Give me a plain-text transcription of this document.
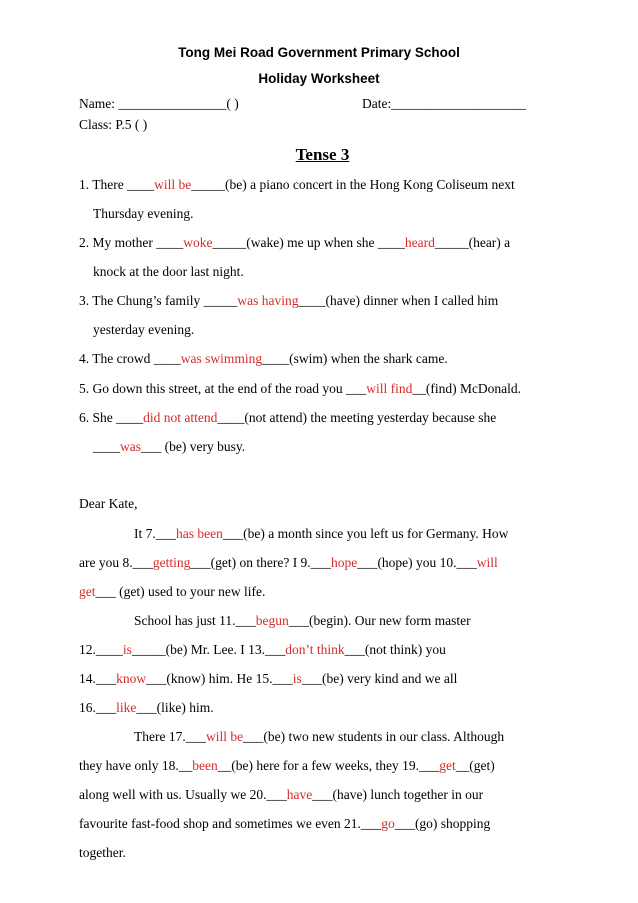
Tong Mei Road Government Primary School
Holiday Worksheet
Name: ________________( )	Date:____________________
Class: P.5 ( )
Tense 3
1. There ____will be_____(be) a piano concert in the Hong Kong Coliseum next
Thursday evening.
2. My mother ____woke_____(wake) me up when she ____heard_____(hear) a
knock at the door last night.
3. The Chung’s family _____was having____(have) dinner when I called him
yesterday evening.
4. The crowd ____was swimming____(swim) when the shark came.
5. Go down this street, at the end of the road you ___will find__(find) McDonald.
6. She ____did not attend____(not attend) the meeting yesterday because she
____was___ (be) very busy.
Dear Kate,
It 7.___has been___(be) a month since you left us for Germany. How
are you 8.___getting___(get) on there? I 9.___hope___(hope) you 10.___will
get___ (get) used to your new life.
School has just 11.___begun___(begin). Our new form master
12.____is_____(be) Mr. Lee. I 13.___don’t think___(not think) you
14.___know___(know) him. He 15.___is___(be) very kind and we all
16.___like___(like) him.
There 17.___will be___(be) two new students in our class. Although
they have only 18.__been__(be) here for a few weeks, they 19.___get__(get)
along well with us. Usually we 20.___have___(have) lunch together in our
favourite fast-food shop and sometimes we even 21.___go___(go) shopping
together.
